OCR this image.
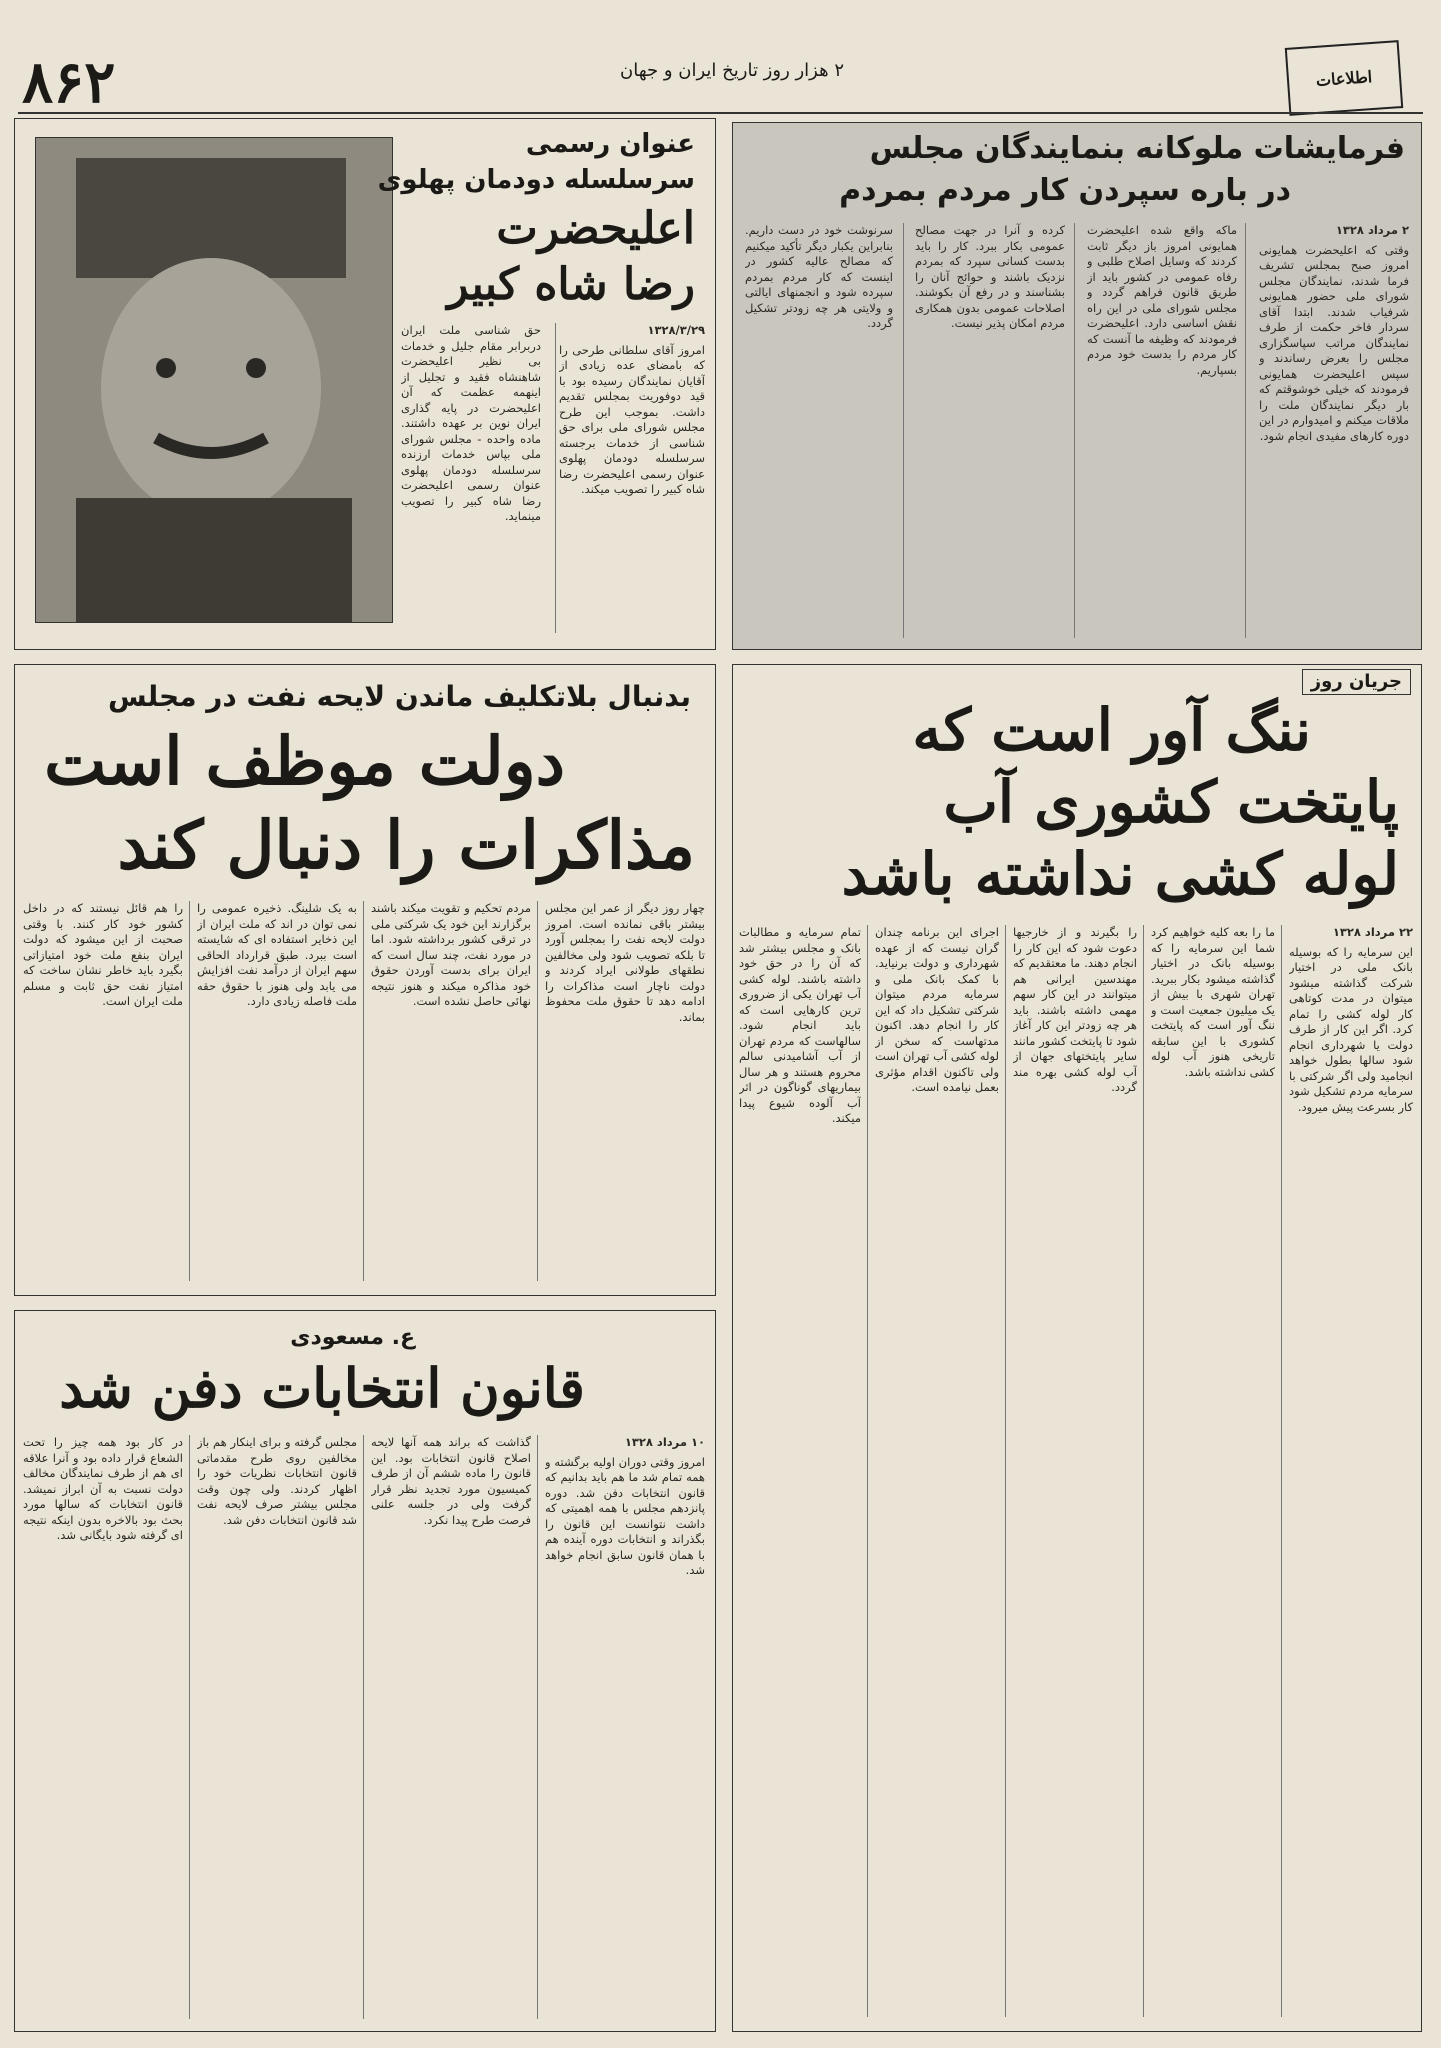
۸۶۲	۲ هزار روز تاریخ ایران و جهان	اطلاعات
فرمایشات ملوکانه بنمایندگان مجلس
در باره سپردن کار مردم بمردم
۲ مرداد ۱۳۲۸
وقتی که اعلیحضرت همایونی امروز صبح بمجلس تشریف فرما شدند، نمایندگان مجلس شورای ملی حضور همایونی شرفیاب شدند. ابتدا آقای سردار فاخر حکمت از طرف نمایندگان مراتب سپاسگزاری مجلس را بعرض رساندند و سپس اعلیحضرت همایونی فرمودند که خیلی خوشوقتم که بار دیگر نمایندگان ملت را ملاقات میکنم و امیدوارم در این دوره کارهای مفیدی انجام شود.
ماکه واقع شده اعلیحضرت همایونی امروز باز دیگر ثابت کردند که وسایل اصلاح طلبی و رفاه عمومی در کشور باید از طریق قانون فراهم گردد و مجلس شورای ملی در این راه نقش اساسی دارد. اعلیحضرت فرمودند که وظیفه ما آنست که کار مردم را بدست خود مردم بسپاریم.
کرده و آنرا در جهت مصالح عمومی بکار ببرد. کار را باید بدست کسانی سپرد که بمردم نزدیک باشند و حوائج آنان را بشناسند و در رفع آن بکوشند. اصلاحات عمومی بدون همکاری مردم امکان پذیر نیست.
سرنوشت خود در دست داریم. بنابراین یکبار دیگر تأکید میکنیم که مصالح عالیه کشور در اینست که کار مردم بمردم سپرده شود و انجمنهای ایالتی و ولایتی هر چه زودتر تشکیل گردد.
عنوان رسمی
سرسلسله دودمان پهلوی
اعلیحضرت
رضا شاه کبیر
۱۳۲۸/۳/۲۹
امروز آقای سلطانی طرحی را که بامضای عده زیادی از آقایان نمایندگان رسیده بود با قید دوفوریت بمجلس تقدیم داشت. بموجب این طرح مجلس شورای ملی برای حق شناسی از خدمات برجسته سرسلسله دودمان پهلوی عنوان رسمی اعلیحضرت رضا شاه کبیر را تصویب میکند.
حق شناسی ملت ایران دربرابر مقام جلیل و خدمات بی نظیر اعلیحضرت شاهنشاه فقید و تجلیل از اینهمه عظمت که آن اعلیحضرت در پایه گذاری ایران نوین بر عهده داشتند. ماده واحده - مجلس شورای ملی بپاس خدمات ارزنده سرسلسله دودمان پهلوی عنوان رسمی اعلیحضرت رضا شاه کبیر را تصویب مینماید.
بدنبال بلاتکلیف ماندن لایحه نفت در مجلس
دولت موظف است
مذاکرات را دنبال کند
چهار روز دیگر از عمر این مجلس بیشتر باقی نمانده است. امروز دولت لایحه نفت را بمجلس آورد تا بلکه تصویب شود ولی مخالفین نطقهای طولانی ایراد کردند و دولت ناچار است مذاکرات را ادامه دهد تا حقوق ملت محفوظ بماند.
مردم تحکیم و تقویت میکند باشند برگزارند این خود یک شرکتی ملی در ترقی کشور برداشته شود. اما در مورد نفت، چند سال است که ایران برای بدست آوردن حقوق خود مذاکره میکند و هنوز نتیجه نهائی حاصل نشده است.
به یک شلینگ. ذخیره عمومی را نمی توان در اند که ملت ایران از این ذخایر استفاده ای که شایسته است ببرد. طبق قرارداد الحاقی سهم ایران از درآمد نفت افزایش می یابد ولی هنوز با حقوق حقه ملت فاصله زیادی دارد.
را هم قائل نیستند که در داخل کشور خود کار کنند. با وقتی صحبت از این میشود که دولت ایران بنفع ملت خود امتیازاتی بگیرد باید خاطر نشان ساخت که امتیاز نفت حق ثابت و مسلم ملت ایران است.
ع. مسعودی
قانون انتخابات دفن شد
۱۰ مرداد ۱۳۲۸
امروز وقتی دوران اولیه برگشته و همه تمام شد ما هم باید بدانیم که قانون انتخابات دفن شد. دوره پانزدهم مجلس با همه اهمیتی که داشت نتوانست این قانون را بگذراند و انتخابات دوره آینده هم با همان قانون سابق انجام خواهد شد.
گذاشت که براند همه آنها لایحه اصلاح قانون انتخابات بود. این قانون را ماده ششم آن از طرف کمیسیون مورد تجدید نظر قرار گرفت ولی در جلسه علنی فرصت طرح پیدا نکرد.
مجلس گرفته و برای اینکار هم باز مخالفین روی طرح مقدماتی قانون انتخابات نظریات خود را اظهار کردند. ولی چون وقت مجلس بیشتر صرف لایحه نفت شد قانون انتخابات دفن شد.
در کار بود همه چیز را تحت الشعاع قرار داده بود و آنرا علاقه ای هم از طرف نمایندگان مخالف دولت نسبت به آن ابراز نمیشد. قانون انتخابات که سالها مورد بحث بود بالاخره بدون اینکه نتیجه ای گرفته شود بایگانی شد.
جریان روز
ننگ آور است که
پایتخت کشوری آب
لوله کشی نداشته باشد
۲۲ مرداد ۱۳۲۸
این سرمایه را که بوسیله بانک ملی در اختیار شرکت گذاشته میشود میتوان در مدت کوتاهی کار لوله کشی را تمام کرد. اگر این کار از طرف دولت یا شهرداری انجام شود سالها بطول خواهد انجامید ولی اگر شرکتی با سرمایه مردم تشکیل شود کار بسرعت پیش میرود.
ما را بعه کلیه خواهیم کرد شما این سرمایه را که بوسیله بانک در اختیار گذاشته میشود بکار ببرید. تهران شهری با بیش از یک میلیون جمعیت است و ننگ آور است که پایتخت کشوری با این سابقه تاریخی هنوز آب لوله کشی نداشته باشد.
را بگیرند و از خارجیها دعوت شود که این کار را انجام دهند. ما معتقدیم که مهندسین ایرانی هم میتوانند در این کار سهم مهمی داشته باشند. باید هر چه زودتر این کار آغاز شود تا پایتخت کشور مانند سایر پایتختهای جهان از آب لوله کشی بهره مند گردد.
اجرای این برنامه چندان گران نیست که از عهده شهرداری و دولت برنیاید. با کمک بانک ملی و سرمایه مردم میتوان شرکتی تشکیل داد که این کار را انجام دهد. اکنون مدتهاست که سخن از لوله کشی آب تهران است ولی تاکنون اقدام مؤثری بعمل نیامده است.
تمام سرمایه و مطالبات بانک و مجلس بیشتر شد که آن را در حق خود داشته باشند. لوله کشی آب تهران یکی از ضروری ترین کارهایی است که باید انجام شود. سالهاست که مردم تهران از آب آشامیدنی سالم محروم هستند و هر سال بیماریهای گوناگون در اثر آب آلوده شیوع پیدا میکند.
